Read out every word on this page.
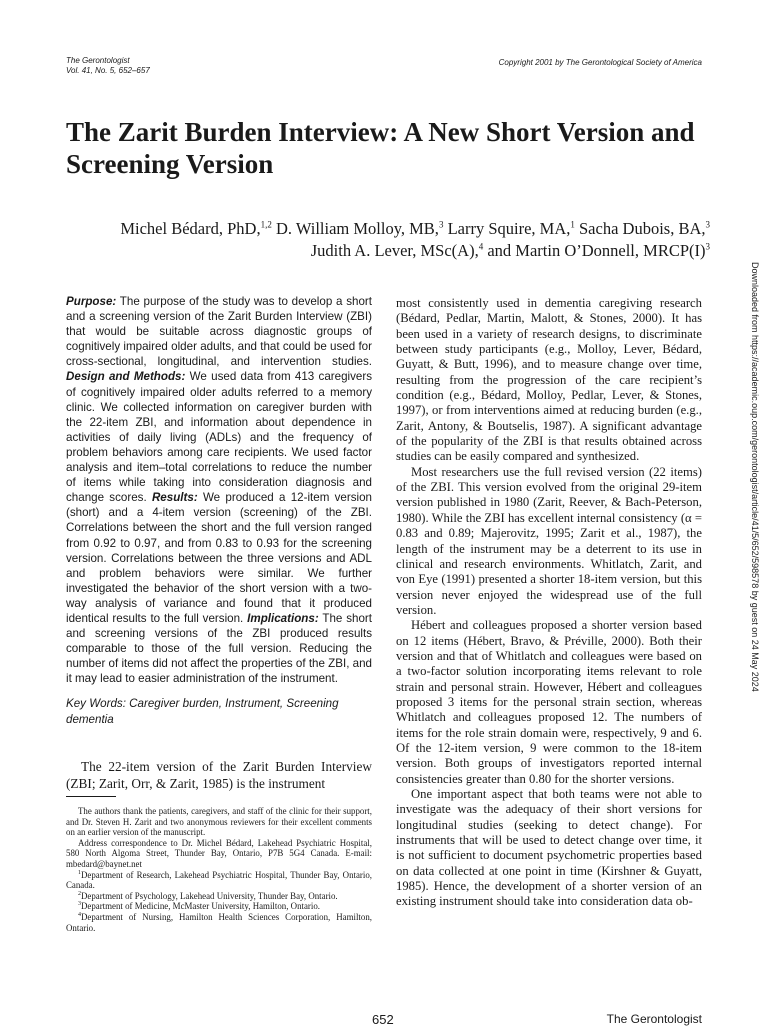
The Gerontologist
Vol. 41, No. 5, 652–657
Copyright 2001 by The Gerontological Society of America
The Zarit Burden Interview: A New Short Version and Screening Version

Michel Bédard, PhD,$^{1,2}$ D. William Molloy, MB,$^3$ Larry Squire, MA,$^1$ Sacha Dubois, BA,$^3$ Judith A. Lever, MSc(A),$^4$ and Martin O’Donnell, $MRCP(I)^3$

Purpose: The purpose of the study was to develop a short and a screening version of the Zarit Burden Interview (ZBI) that would be suitable across diagnostic groups of cognitively impaired older adults, and that could be used for cross-sectional, longitudinal, and intervention studies. Design and Methods: We used data from 413 caregivers of cognitively impaired older adults referred to a memory clinic. We collected information on caregiver burden with the 22-item ZBI, and information about dependence in activities of daily living (ADLs) and the frequency of problem behaviors among care recipients. We used factor analysis and item–total correlations to reduce the number of items while taking into consideration diagnosis and change scores. Results: We produced a 12-item version (short) and a 4-item version (screening) of the ZBI. Correlations between the short and the full version ranged from 0.92 to 0.97, and from 0.83 to 0.93 for the screening version. Correlations between the three versions and ADL and problem behaviors were similar. We further investigated the behavior of the short version with a two-way analysis of variance and found that it produced identical results to the full version. Implications: The short and screening versions of the ZBI produced results comparable to those of the full version. Reducing the number of items did not affect the properties of the ZBI, and it may lead to easier administration of the instrument.

Key Words: Caregiver burden, Instrument, Screening dementia

The 22-item version of the Zarit Burden Interview (ZBI; Zarit, Orr, & Zarit, 1985) is the instrument

The authors thank the patients, caregivers, and staff of the clinic for their support, and Dr. Steven H. Zarit and two anonymous reviewers for their excellent comments on an earlier version of the manuscript.

Address correspondence to Dr. Michel Bédard, Lakehead Psychiatric Hospital, 580 North Algoma Street, Thunder Bay, Ontario, P7B 5G4 Canada. E-mail: mbedard@baynet.net

$^1$Department of Research, Lakehead Psychiatric Hospital, Thunder Bay, Ontario, Canada.

$^2$Department of Psychology, Lakehead University, Thunder Bay, Ontario.

$^3$Department of Medicine, McMaster University, Hamilton, Ontario.

$^4$Department of Nursing, Hamilton Health Sciences Corporation, Hamilton, Ontario.

most consistently used in dementia caregiving research (Bédard, Pedlar, Martin, Malott, & Stones, 2000). It has been used in a variety of research designs, to discriminate between study participants (e.g., Molloy, Lever, Bédard, Guyatt, & Butt, 1996), and to measure change over time, resulting from the progression of the care recipient’s condition (e.g., Bédard, Molloy, Pedlar, Lever, & Stones, 1997), or from interventions aimed at reducing burden (e.g., Zarit, Antony, & Boutselis, 1987). A significant advantage of the popularity of the ZBI is that results obtained across studies can be easily compared and synthesized.

Most researchers use the full revised version (22 items) of the ZBI. This version evolved from the original 29-item version published in 1980 (Zarit, Reever, & Bach-Peterson, 1980). While the ZBI has excellent internal consistency (α = 0.83 and 0.89; Majerovitz, 1995; Zarit et al., 1987), the length of the instrument may be a deterrent to its use in clinical and research environments. Whitlatch, Zarit, and von Eye (1991) presented a shorter 18-item version, but this version never enjoyed the widespread use of the full version.

Hébert and colleagues proposed a shorter version based on 12 items (Hébert, Bravo, & Préville, 2000). Both their version and that of Whitlatch and colleagues were based on a two-factor solution incorporating items relevant to role strain and personal strain. However, Hébert and colleagues proposed 3 items for the personal strain section, whereas Whitlatch and colleagues proposed 12. The numbers of items for the role strain domain were, respectively, 9 and 6. Of the 12-item version, 9 were common to the 18-item version. Both groups of investigators reported internal consistencies greater than 0.80 for the shorter versions.

One important aspect that both teams were not able to investigate was the adequacy of their short versions for longitudinal studies (seeking to detect change). For instruments that will be used to detect change over time, it is not sufficient to document psychometric properties based on data collected at one point in time (Kirshner & Guyatt, 1985). Hence, the development of a shorter version of an existing instrument should take into consideration data ob-

Downloaded from https://academic.oup.com/gerontologist/article/41/5/652/598578 by guest on 24 May 2024
652	The Gerontologist
